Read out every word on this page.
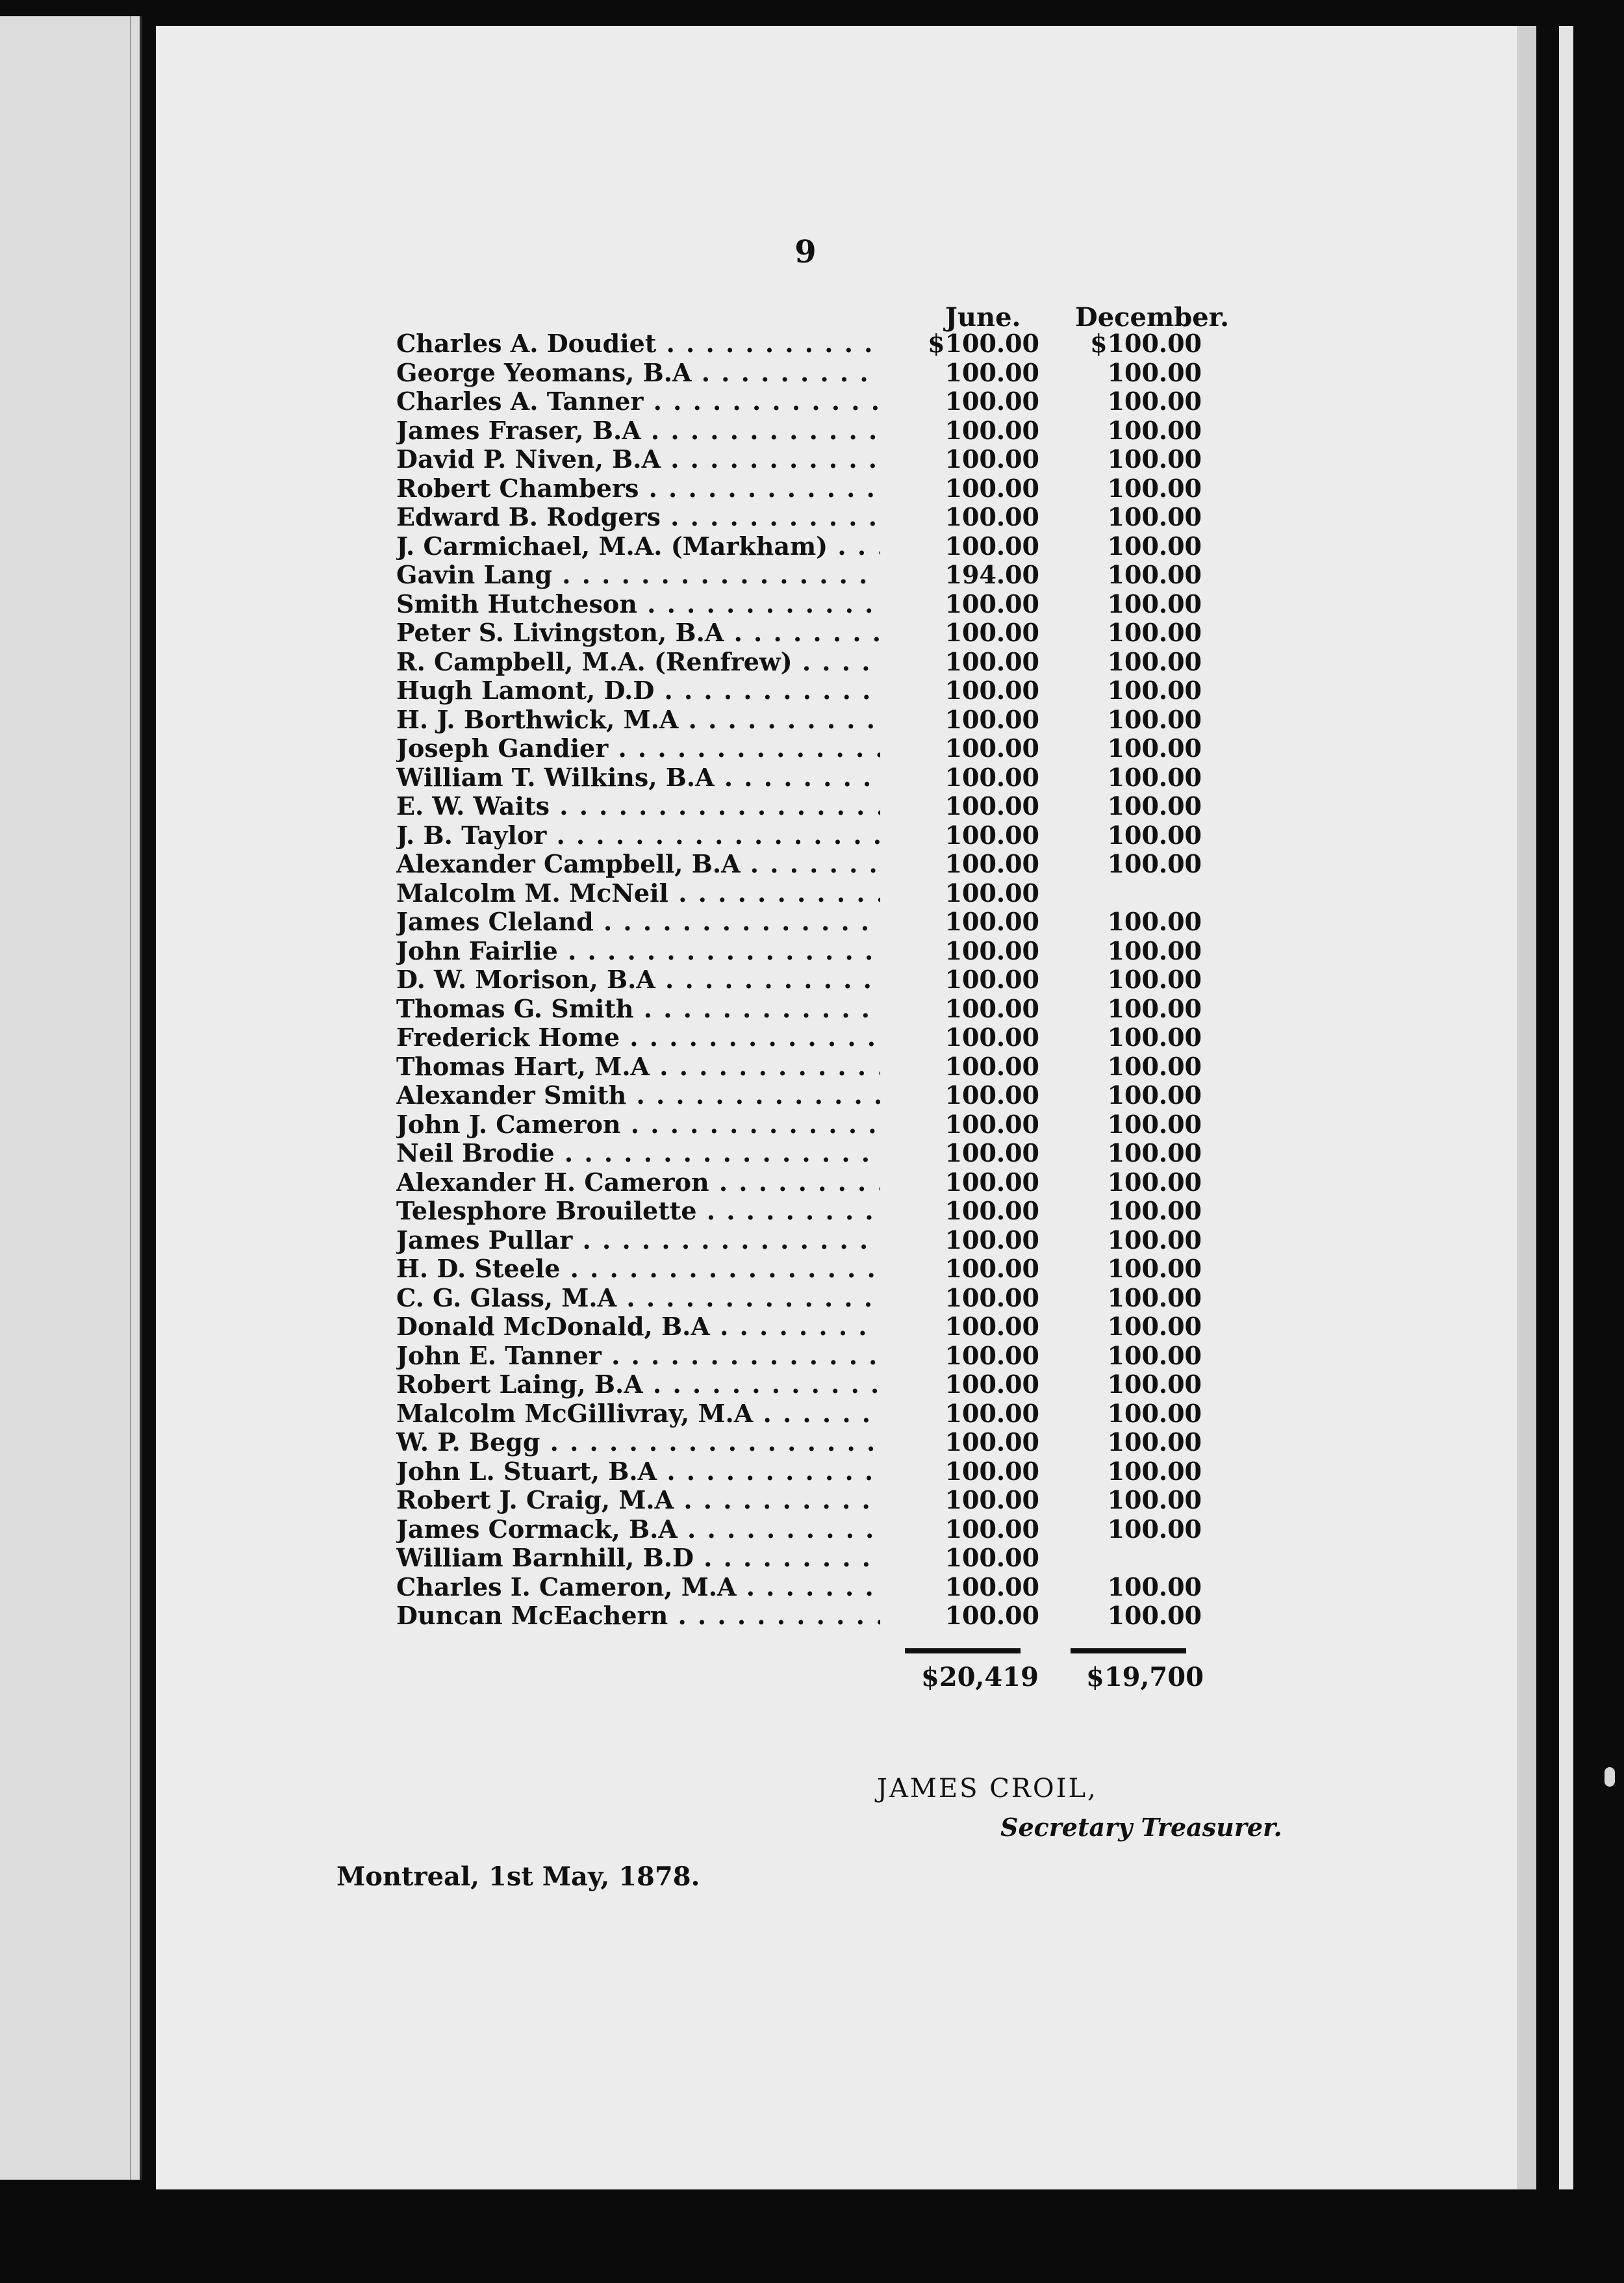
9
June. December.
Charles A. Doudiet . . .	$100.00	$100.00
George Yeomans, B.A . . .	100.00	100.00
Charles A. Tanner . . .	100.00	100.00
James Fraser, B.A . . .	100.00	100.00
David P. Niven, B.A . . .	100.00	100.00
Robert Chambers . . .	100.00	100.00
Edward B. Rodgers . . .	100.00	100.00
J. Carmichael, M.A. (Markham) . . .	100.00	100.00
Gavin Lang . . .	194.00	100.00
Smith Hutcheson . . .	100.00	100.00
Peter S. Livingston, B.A . . .	100.00	100.00
R. Campbell, M.A. (Renfrew) . . .	100.00	100.00
Hugh Lamont, D.D . . .	100.00	100.00
H. J. Borthwick, M.A . . .	100.00	100.00
Joseph Gandier . . .	100.00	100.00
William T. Wilkins, B.A . . .	100.00	100.00
E. W. Waits . . .	100.00	100.00
J. B. Taylor . . .	100.00	100.00
Alexander Campbell, B.A . . .	100.00	100.00
Malcolm M. McNeil . . .	100.00
James Cleland . . .	100.00	100.00
John Fairlie . . .	100.00	100.00
D. W. Morison, B.A . . .	100.00	100.00
Thomas G. Smith . . .	100.00	100.00
Frederick Home . . .	100.00	100.00
Thomas Hart, M.A . . .	100.00	100.00
Alexander Smith . . .	100.00	100.00
John J. Cameron . . .	100.00	100.00
Neil Brodie . . .	100.00	100.00
Alexander H. Cameron . . .	100.00	100.00
Telesphore Brouilette . . .	100.00	100.00
James Pullar . . .	100.00	100.00
H. D. Steele . . .	100.00	100.00
C. G. Glass, M.A . . .	100.00	100.00
Donald McDonald, B.A . . .	100.00	100.00
John E. Tanner . . .	100.00	100.00
Robert Laing, B.A . . .	100.00	100.00
Malcolm McGillivray, M.A . . .	100.00	100.00
W. P. Begg . . .	100.00	100.00
John L. Stuart, B.A . . .	100.00	100.00
Robert J. Craig, M.A . . .	100.00	100.00
James Cormack, B.A . . .	100.00	100.00
William Barnhill, B.D . . .	100.00
Charles I. Cameron, M.A . . .	100.00	100.00
Duncan McEachern . . .	100.00	100.00
$20,419 $19,700
JAMES CROIL,
Secretary Treasurer.
Montreal, 1st May, 1878.
